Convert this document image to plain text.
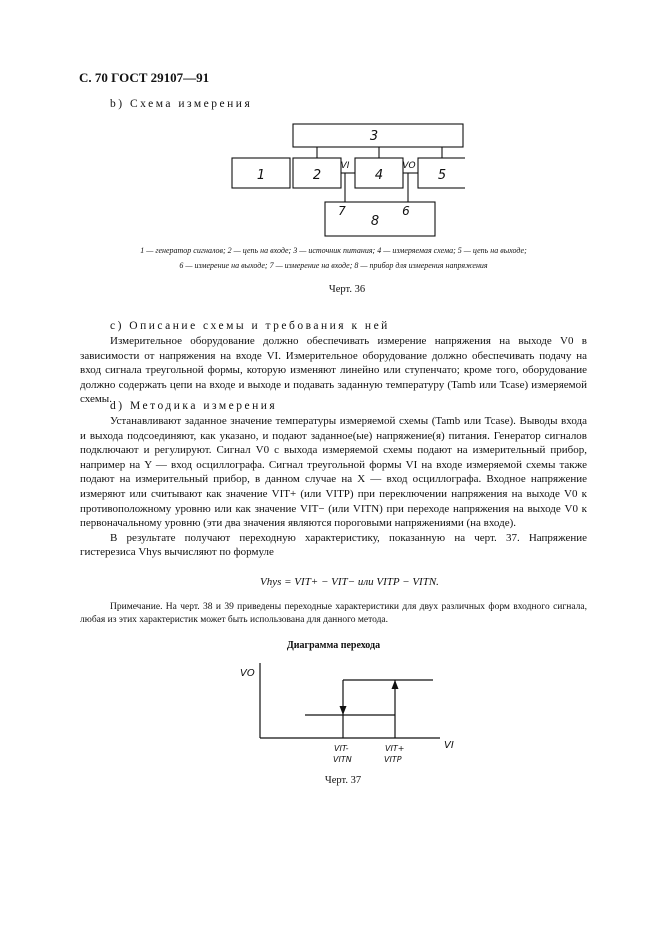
С. 70 ГОСТ 29107—91
b) Схема измерения
1	2	4	5
3
8
7	6
VI	VO
1 — генератор сигналов; 2 — цепь на входе; 3 — источник питания; 4 — измеряемая схема; 5 — цепь на выходе;
6 — измерение на выходе; 7 — измерение на входе; 8 — прибор для измерения напряжения
Черт. 36
c) Описание схемы и требования к ней

Измерительное оборудование должно обеспечивать измерение напряжения на выходе V0 в зависимости от напряжения на входе VI. Измерительное оборудование должно обеспечивать подачу на вход сигнала треугольной формы, которую изменяют линейно или ступенчато; кроме того, оборудование должно содержать цепи на входе и выходе и подавать заданную температуру (Tamb или Tcase) измеряемой схемы.

d) Методика измерения

Устанавливают заданное значение температуры измеряемой схемы (Tamb или Tcase). Выводы входа и выхода подсоединяют, как указано, и подают заданное(ые) напряжение(я) питания. Генератор сигналов подключают и регулируют. Сигнал V0 с выхода измеряемой схемы подают на измерительный прибор, например на Y — вход осциллографа. Сигнал треугольной формы VI на входе измеряемой схемы также подают на измерительный прибор, в данном случае на X — вход осциллографа. Входное напряжение измеряют или считывают как значение VIT+ (или VITP) при переключении напряжения на выходе V0 к противоположному уровню или как значение VIT− (или VITN) при переходе напряжения на выходе V0 к первоначальному уровню (эти два значения являются пороговыми напряжениями (на входе).

В результате получают переходную характеристику, показанную на черт. 37. Напряжение гистерезиса Vhys вычисляют по формуле

Vhys = VIT+ − VIT− или VITP − VITN.
Примечание. На черт. 38 и 39 приведены переходные характеристики для двух различных форм входного сигнала, любая из этих характеристик может быть использована для данного метода.
Диаграмма перехода
VO
VI
VIT-
VITN
VIT+
VITP
Черт. 37
